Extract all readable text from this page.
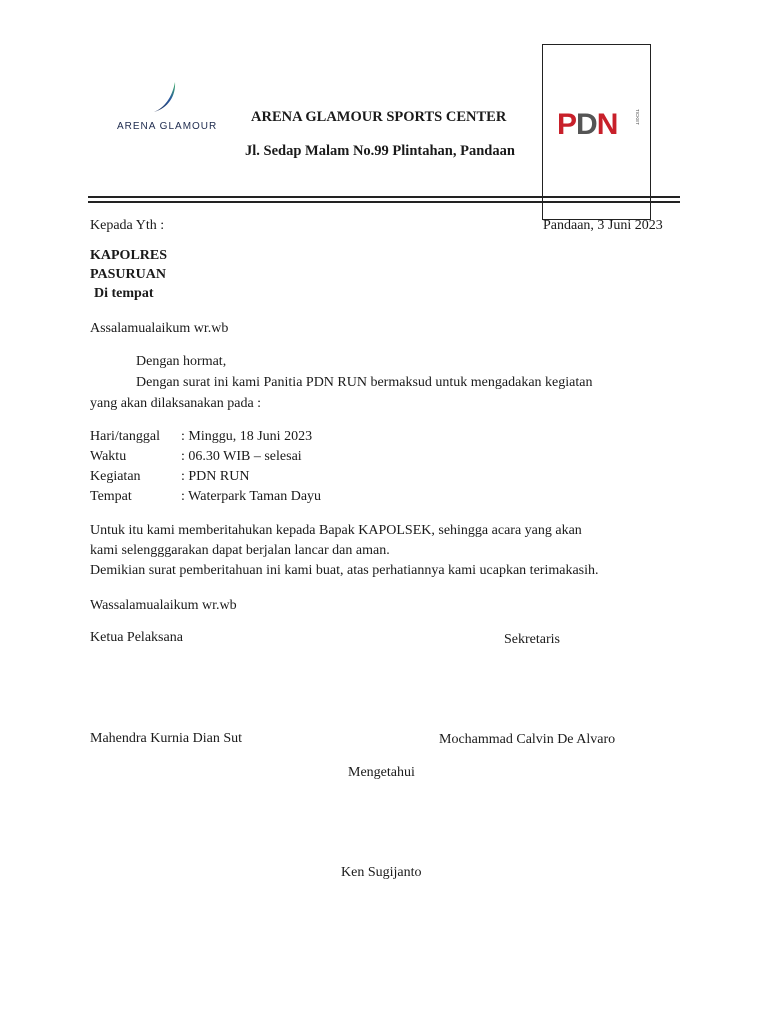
ARENA GLAMOUR
ARENA GLAMOUR SPORTS CENTER
Jl. Sedap Malam No.99 Plintahan, Pandaan
PDN	TICKET
Kepada Yth :	Pandaan, 3 Juni 2023
KAPOLRES
PASURUAN
Di tempat
Assalamualaikum wr.wb
Dengan hormat,
Dengan surat ini kami Panitia PDN RUN bermaksud untuk mengadakan kegiatan
yang akan dilaksanakan pada :
Hari/tanggal : Minggu, 18 Juni 2023
Waktu	: 06.30 WIB – selesai
Kegiatan	: PDN RUN
Tempat	: Waterpark Taman Dayu
Untuk itu kami memberitahukan kepada Bapak KAPOLSEK, sehingga acara yang akan
kami selengggarakan dapat berjalan lancar dan aman.
Demikian surat pemberitahuan ini kami buat, atas perhatiannya kami ucapkan terimakasih.
Wassalamualaikum wr.wb
Ketua Pelaksana	Sekretaris
Mahendra Kurnia Dian Sut	Mochammad Calvin De Alvaro
Mengetahui
Ken Sugijanto
